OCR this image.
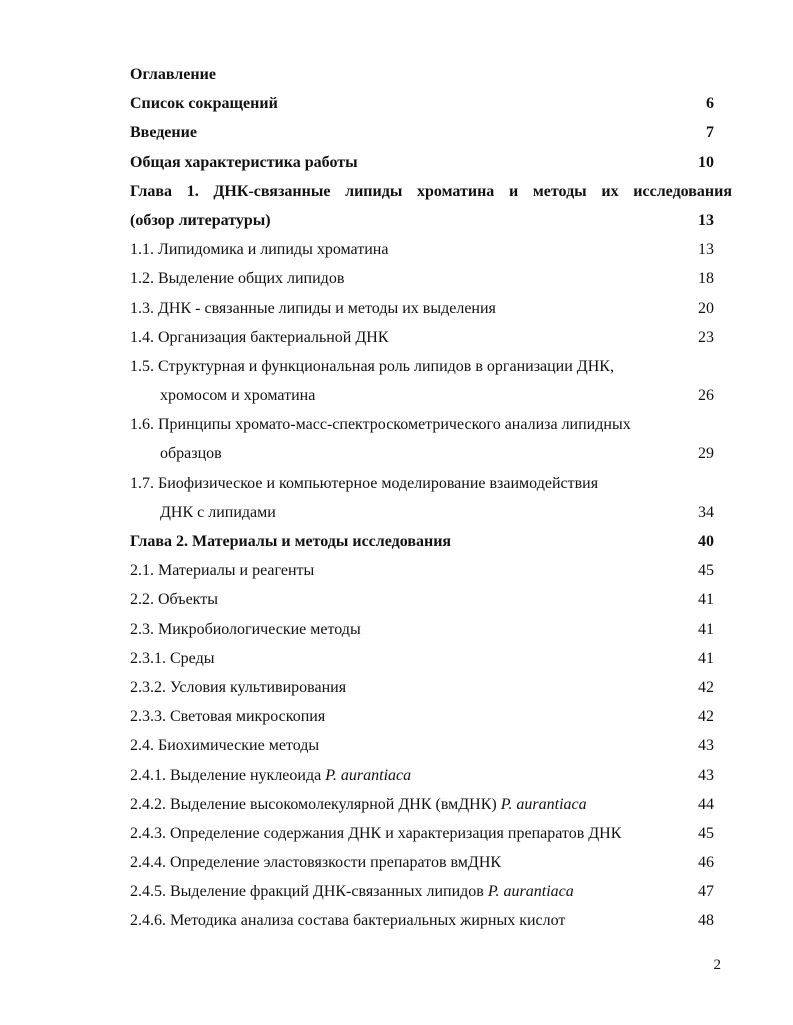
Оглавление
Список сокращений	6
Введение	7
Общая характеристика работы	10
Глава 1. ДНК-связанные липиды хроматина и методы их исследования
(обзор литературы)	13
1.1. Липидомика и липиды хроматина	13
1.2. Выделение общих липидов	18
1.3. ДНК - связанные липиды и методы их выделения	20
1.4. Организация бактериальной ДНК	23
1.5. Структурная и функциональная роль липидов в организации ДНК,
хромосом и хроматина	26
1.6. Принципы хромато-масс-спектроскометрического анализа липидных
образцов	29
1.7. Биофизическое и компьютерное моделирование взаимодействия
ДНК с липидами	34
Глава 2. Материалы и методы исследования	40
2.1. Материалы и реагенты	45
2.2. Объекты	41
2.3. Микробиологические методы	41
2.3.1. Среды	41
2.3.2. Условия культивирования	42
2.3.3. Световая микроскопия	42
2.4. Биохимические методы	43
2.4.1. Выделение нуклеоида P. aurantiaca	43
2.4.2. Выделение высокомолекулярной ДНК (вмДНК) P. aurantiaca	44
2.4.3. Определение содержания ДНК и характеризация препаратов ДНК	45
2.4.4. Определение эластовязкости препаратов вмДНК	46
2.4.5. Выделение фракций ДНК-связанных липидов P. aurantiaca	47
2.4.6. Методика анализа состава бактериальных жирных кислот	48
2
